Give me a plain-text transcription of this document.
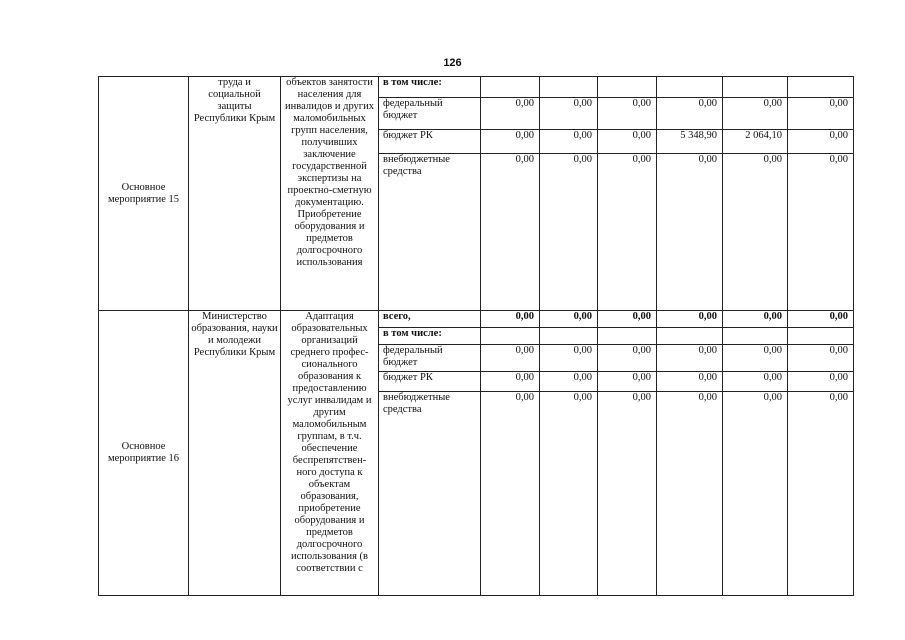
126
Основное мероприятие 15	труда и социальной защиты Республики Крым	объектов занятости населения для инвалидов и других маломобильных групп населения, получивших заключение государственной экспертизы на проектно-сметную документацию. Приобретение оборудования и предметов долгосрочного использования	в том числе:						
			федеральный бюджет	0,00	0,00	0,00	0,00	0,00	0,00
			бюджет РК	0,00	0,00	0,00	5 348,90	2 064,10	0,00
			внебюджетные средства	0,00	0,00	0,00	0,00	0,00	0,00
Основное мероприятие 16	Министерство образования, науки и молодежи Республики Крым	Адаптация образовательных организаций среднего профес-сионального образования к предоставлению услуг инвалидам и другим маломобильным группам, в т.ч. обеспечение беспрепятствен-ного доступа к объектам образования, приобретение оборудования и предметов долгосрочного использования (в соответствии с	всего,	0,00	0,00	0,00	0,00	0,00	0,00
			в том числе:						
			федеральный бюджет	0,00	0,00	0,00	0,00	0,00	0,00
			бюджет РК	0,00	0,00	0,00	0,00	0,00	0,00
			внебюджетные средства	0,00	0,00	0,00	0,00	0,00	0,00
